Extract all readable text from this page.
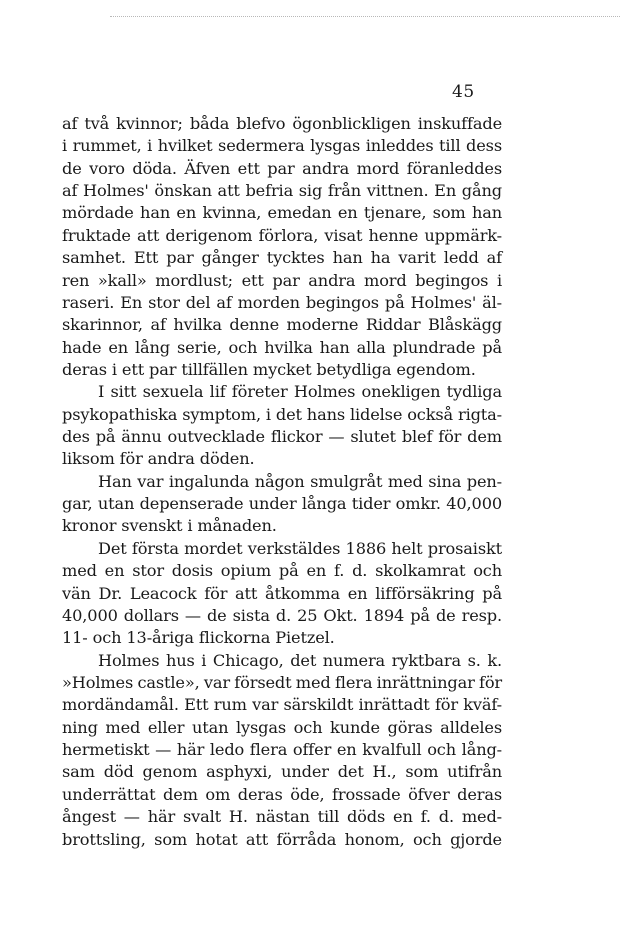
45
af två kvinnor; båda blefvo ögonblickligen inskuffade
i rummet, i hvilket sedermera lysgas inleddes till dess
de voro döda. Äfven ett par andra mord föranleddes
af Holmes' önskan att befria sig från vittnen. En gång
mördade han en kvinna, emedan en tjenare, som han
fruktade att derigenom förlora, visat henne uppmärk-
samhet. Ett par gånger tycktes han ha varit ledd af
ren »kall» mordlust; ett par andra mord begingos i
raseri. En stor del af morden begingos på Holmes' äl-
skarinnor, af hvilka denne moderne Riddar Blåskägg
hade en lång serie, och hvilka han alla plundrade på
deras i ett par tillfällen mycket betydliga egendom.
I sitt sexuela lif företer Holmes onekligen tydliga
psykopathiska symptom, i det hans lidelse också rigta-
des på ännu outvecklade flickor — slutet blef för dem
liksom för andra döden.
Han var ingalunda någon smulgråt med sina pen-
gar, utan depenserade under långa tider omkr. 40,000
kronor svenskt i månaden.
Det första mordet verkstäldes 1886 helt prosaiskt
med en stor dosis opium på en f. d. skolkamrat och
vän Dr. Leacock för att åtkomma en lifförsäkring på
40,000 dollars — de sista d. 25 Okt. 1894 på de resp.
11- och 13-åriga flickorna Pietzel.
Holmes hus i Chicago, det numera ryktbara s. k.
»Holmes castle», var försedt med flera inrättningar för
mordändamål. Ett rum var särskildt inrättadt för kväf-
ning med eller utan lysgas och kunde göras alldeles
hermetiskt — här ledo flera offer en kvalfull och lång-
sam död genom asphyxi, under det H., som utifrån
underrättat dem om deras öde, frossade öfver deras
ångest — här svalt H. nästan till döds en f. d. med-
brottsling, som hotat att förråda honom, och gjorde
